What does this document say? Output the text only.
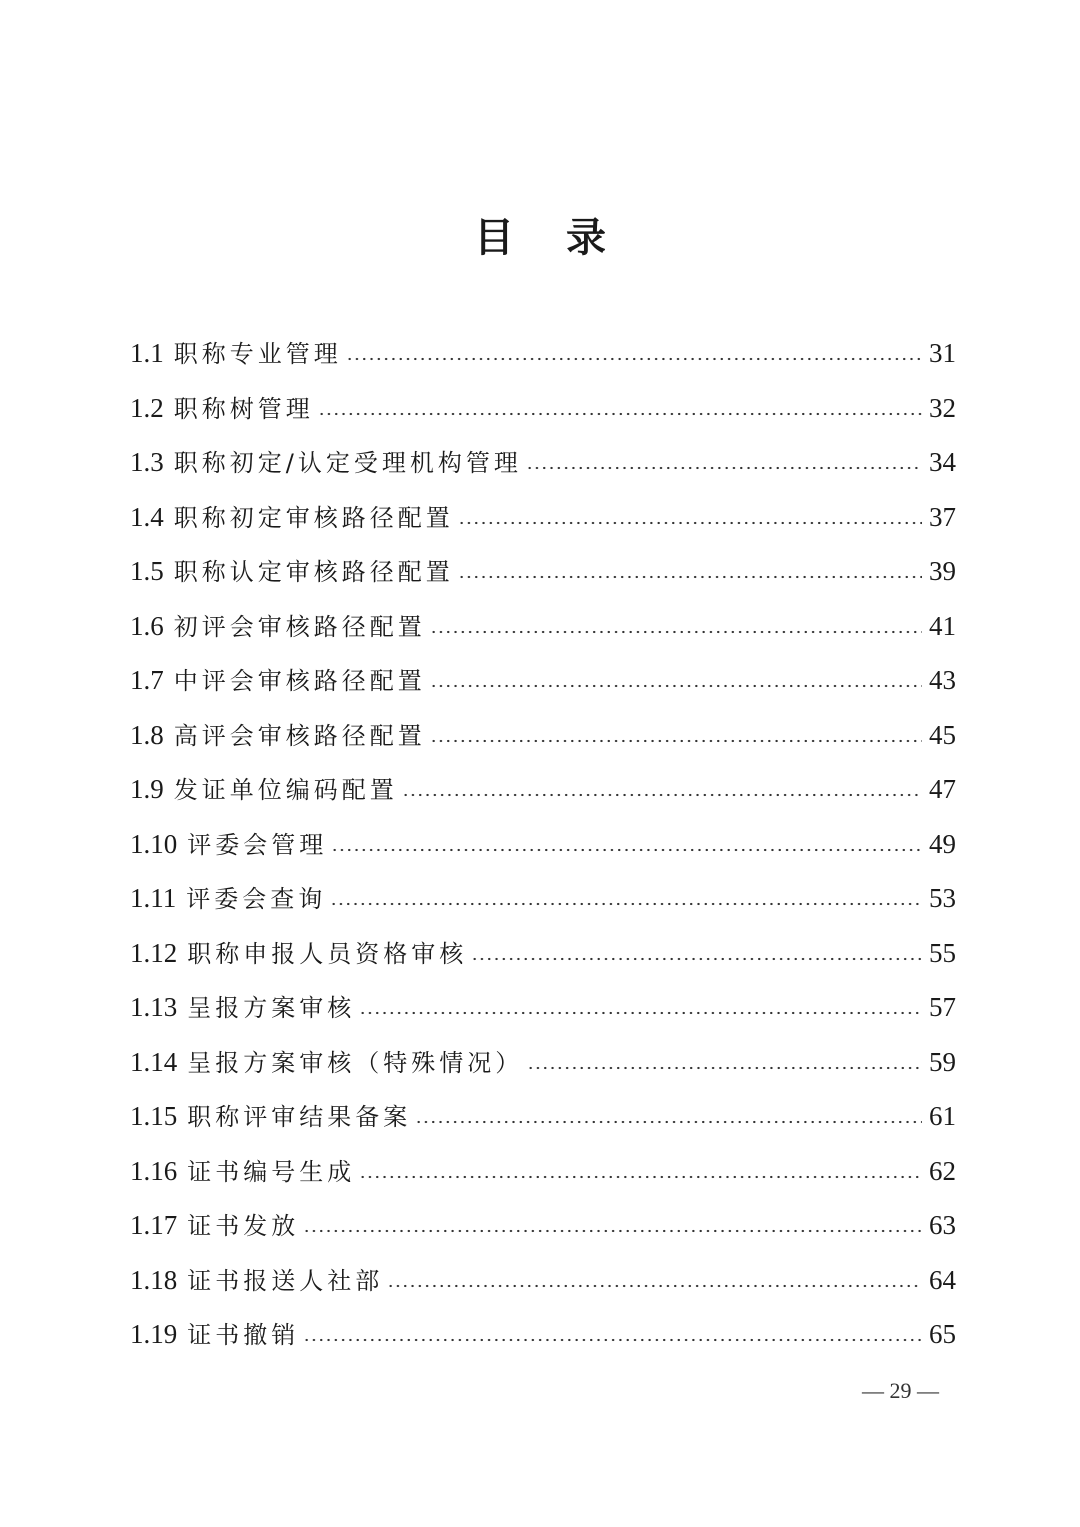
目录
1.1 职称专业管理	31
1.2 职称树管理	32
1.3 职称初定/认定受理机构管理	34
1.4 职称初定审核路径配置	37
1.5 职称认定审核路径配置	39
1.6 初评会审核路径配置	41
1.7 中评会审核路径配置	43
1.8 高评会审核路径配置	45
1.9 发证单位编码配置	47
1.10 评委会管理	49
1.11 评委会查询	53
1.12 职称申报人员资格审核	55
1.13 呈报方案审核	57
1.14 呈报方案审核（特殊情况）	59
1.15 职称评审结果备案	61
1.16 证书编号生成	62
1.17 证书发放	63
1.18 证书报送人社部	64
1.19 证书撤销	65
— 29 —
